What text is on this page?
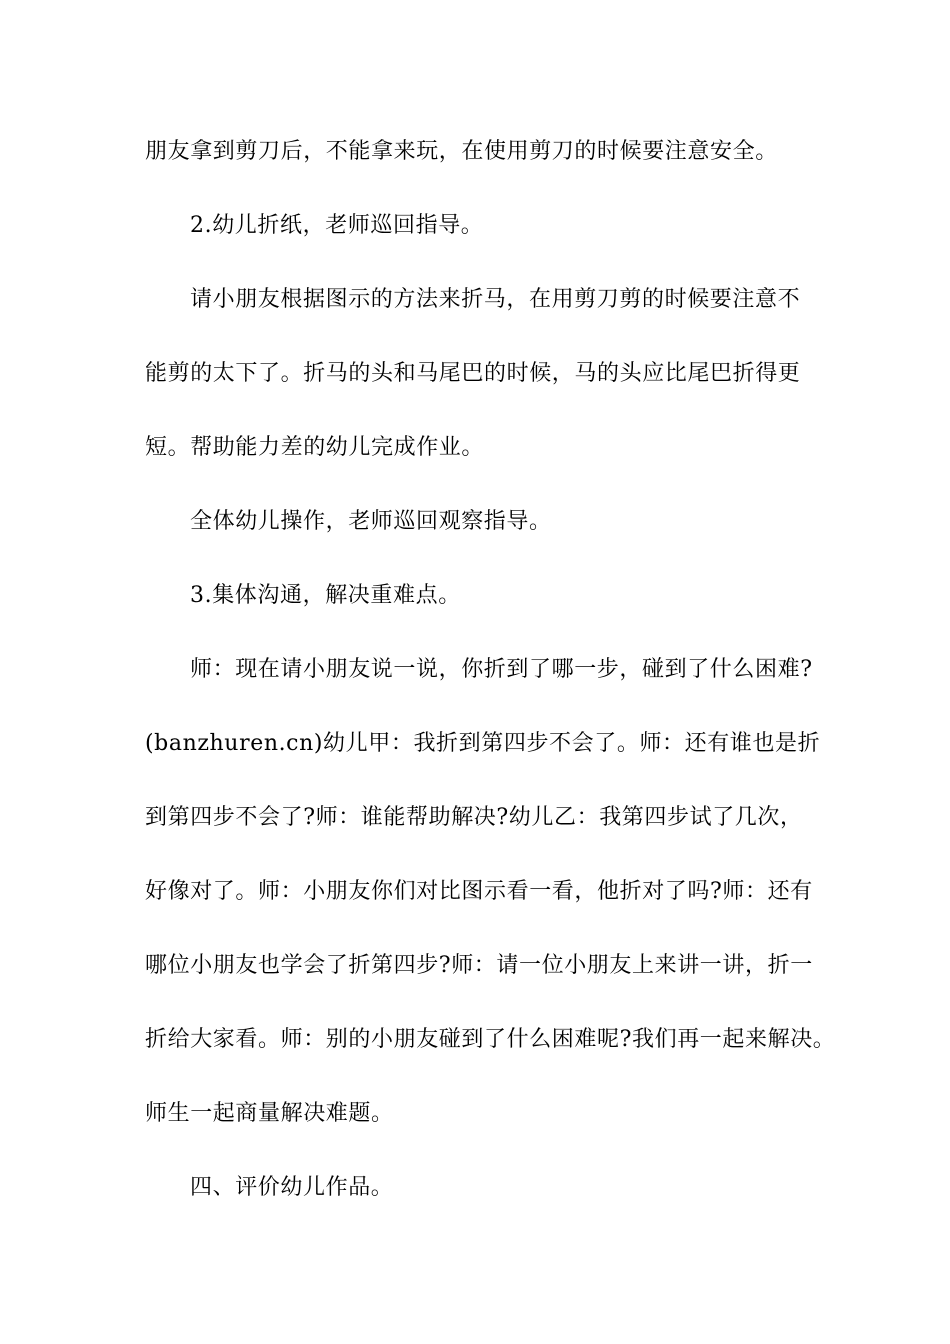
朋友拿到剪刀后，不能拿来玩，在使用剪刀的时候要注意安全。
2.幼儿折纸，老师巡回指导。
请小朋友根据图示的方法来折马，在用剪刀剪的时候要注意不
能剪的太下了。折马的头和马尾巴的时候，马的头应比尾巴折得更
短。帮助能力差的幼儿完成作业。
全体幼儿操作，老师巡回观察指导。
3.集体沟通，解决重难点。
师：现在请小朋友说一说，你折到了哪一步，碰到了什么困难?
(banzhuren.cn)幼儿甲：我折到第四步不会了。师：还有谁也是折
到第四步不会了?师：谁能帮助解决?幼儿乙：我第四步试了几次，
好像对了。师：小朋友你们对比图示看一看，他折对了吗?师：还有
哪位小朋友也学会了折第四步?师：请一位小朋友上来讲一讲，折一
折给大家看。师：别的小朋友碰到了什么困难呢?我们再一起来解决。
师生一起商量解决难题。
四、评价幼儿作品。
